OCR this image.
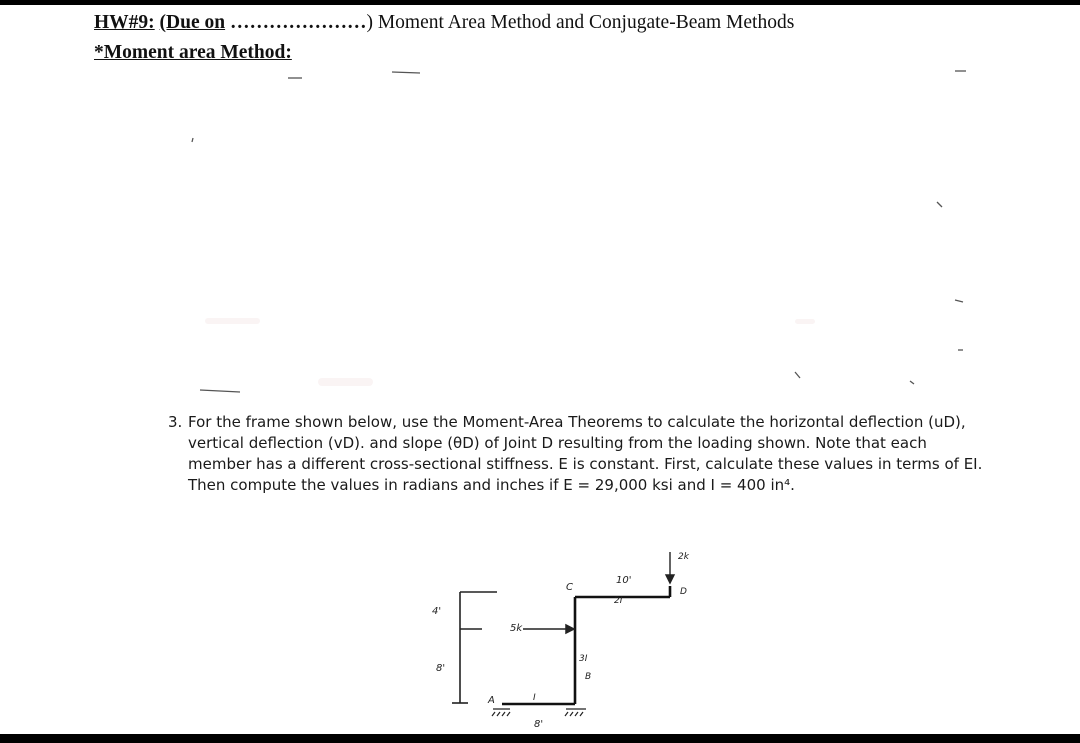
HW#9: (Due on …………………) Moment Area Method and Conjugate-Beam Methods
*Moment area Method:
3. For the frame shown below, use the Moment-Area Theorems to calculate the horizontal deflection (uD), vertical deflection (vD). and slope (θD) of Joint D resulting from the loading shown. Note that each member has a different cross-sectional stiffness. E is constant. First, calculate these values in terms of EI. Then compute the values in radians and inches if E = 29,000 ksi and I = 400 in⁴.
4'
8'
5k
C
10'
2I
D
2k
3I
A	I
B
8'
